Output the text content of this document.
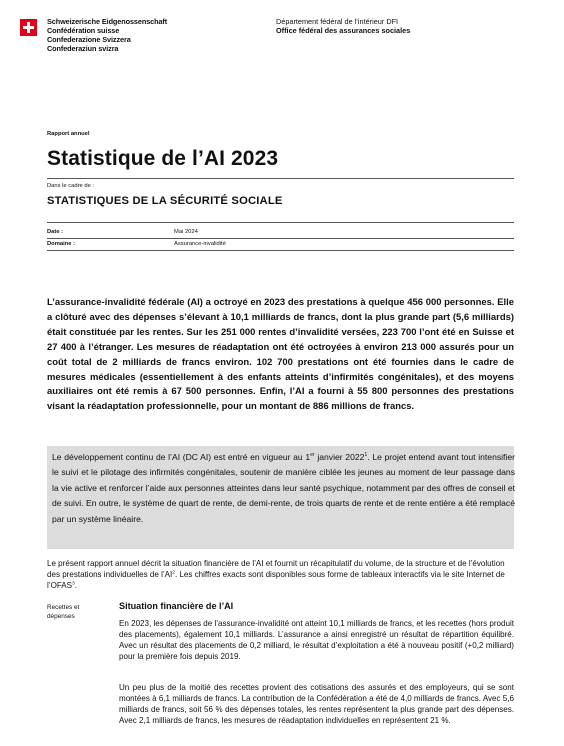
Schweizerische Eidgenossenschaft
Confédération suisse
Confederazione Svizzera
Confederaziun svizra
Département fédéral de l’intérieur DFI
Office fédéral des assurances sociales
Rapport annuel
Statistique de l’AI 2023
Dans le cadre de :
STATISTIQUES DE LA SÉCURITÉ SOCIALE
Date :	Mai 2024
Domaine :	Assurance-invalidité
L’assurance-invalidité fédérale (AI) a octroyé en 2023 des prestations à quelque 456 000 personnes. Elle a clôturé avec des dépenses s’élevant à 10,1 milliards de francs, dont la plus grande part (5,6 milliards) était constituée par les rentes. Sur les 251 000 rentes d’invalidité versées, 223 700 l’ont été en Suisse et 27 400 à l’étranger. Les mesures de réadaptation ont été octroyées à environ 213 000 assurés pour un coût total de 2 milliards de francs environ. 102 700 prestations ont été fournies dans le cadre de mesures médicales (essentiellement à des enfants atteints d’infirmités congénitales), et des moyens auxiliaires ont été remis à 67 500 personnes. Enfin, l’AI a fourni à 55 800 personnes des prestations visant la réadaptation professionnelle, pour un montant de 886 millions de francs.
Le développement continu de l’AI (DC AI) est entré en vigueur au 1er janvier 2022$^1$. Le projet entend avant tout intensifier le suivi et le pilotage des infirmités congénitales, soutenir de manière ciblée les jeunes au moment de leur passage dans la vie active et renforcer l’aide aux personnes atteintes dans leur santé psychique, notamment par des offres de conseil et de suivi. En outre, le système de quart de rente, de demi-rente, de trois quarts de rente et de rente entière a été remplacé par un système linéaire.
Le présent rapport annuel décrit la situation financière de l’AI et fournit un récapitulatif du volume, de la structure et de l’évolution des prestations individuelles de $l’AI^2$. Les chiffres exacts sont disponibles sous forme de tableaux interactifs via le site Internet de l’OFAS$^3$.
Recettes et
dépenses
Situation financière de l’AI
En 2023, les dépenses de l’assurance-invalidité ont atteint 10,1 milliards de francs, et les recettes (hors produit des placements), également 10,1 milliards. L’assurance a ainsi enregistré un résultat de répartition équilibré. Avec un résultat des placements de 0,2 milliard, le résultat d’exploitation a été à nouveau positif (+0,2 milliard) pour la première fois depuis 2019.
Un peu plus de la moitié des recettes provient des cotisations des assurés et des employeurs, qui se sont montées à 6,1 milliards de francs. La contribution de la Confédération a été de 4,0 milliards de francs. Avec 5,6 milliards de francs, soit 56 % des dépenses totales, les rentes représentent la plus grande part des dépenses. Avec 2,1 milliards de francs, les mesures de réadaptation individuelles en représentent 21 %.
